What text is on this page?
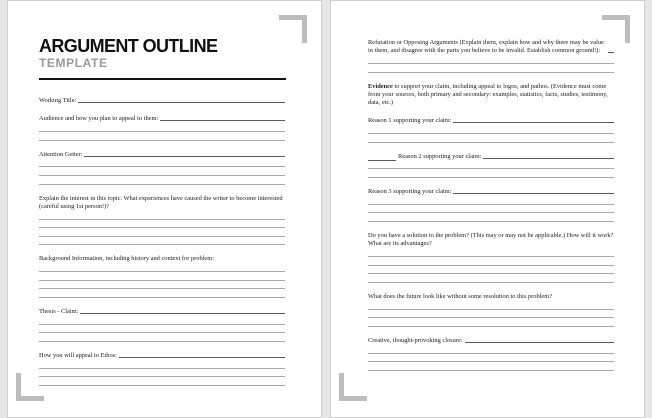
ARGUMENT OUTLINE
TEMPLATE
Working Title:
Audience and how you plan to appeal to them:
Attention Getter:
Explain the interest in this topic. What experiences have caused the writer to become interested (careful using 1st person!)?
Background Information, including history and context for problem:
Thesis - Claim:
How you will appeal to Ethos:
Refutation or Opposing Arguments (Explain them, explain how and why there may be value in them, and disagree with the parts you believe to be invalid. Establish common ground!):
Evidence to support your claim, including appeal to logos, and pathos. (Evidence must come from your sources, both primary and secondary: examples, statistics, facts, studies, testimony, data, etc.)
Reason 1 supporting your claim:
Reason 2 supporting your claim:
Reason 3 supporting your claim:
Do you have a solution to the problem? (This may or may not be applicable.) How will it work? What are its advantages?
What does the future look like without some resolution to this problem?
Creative, thought-provoking closure:
